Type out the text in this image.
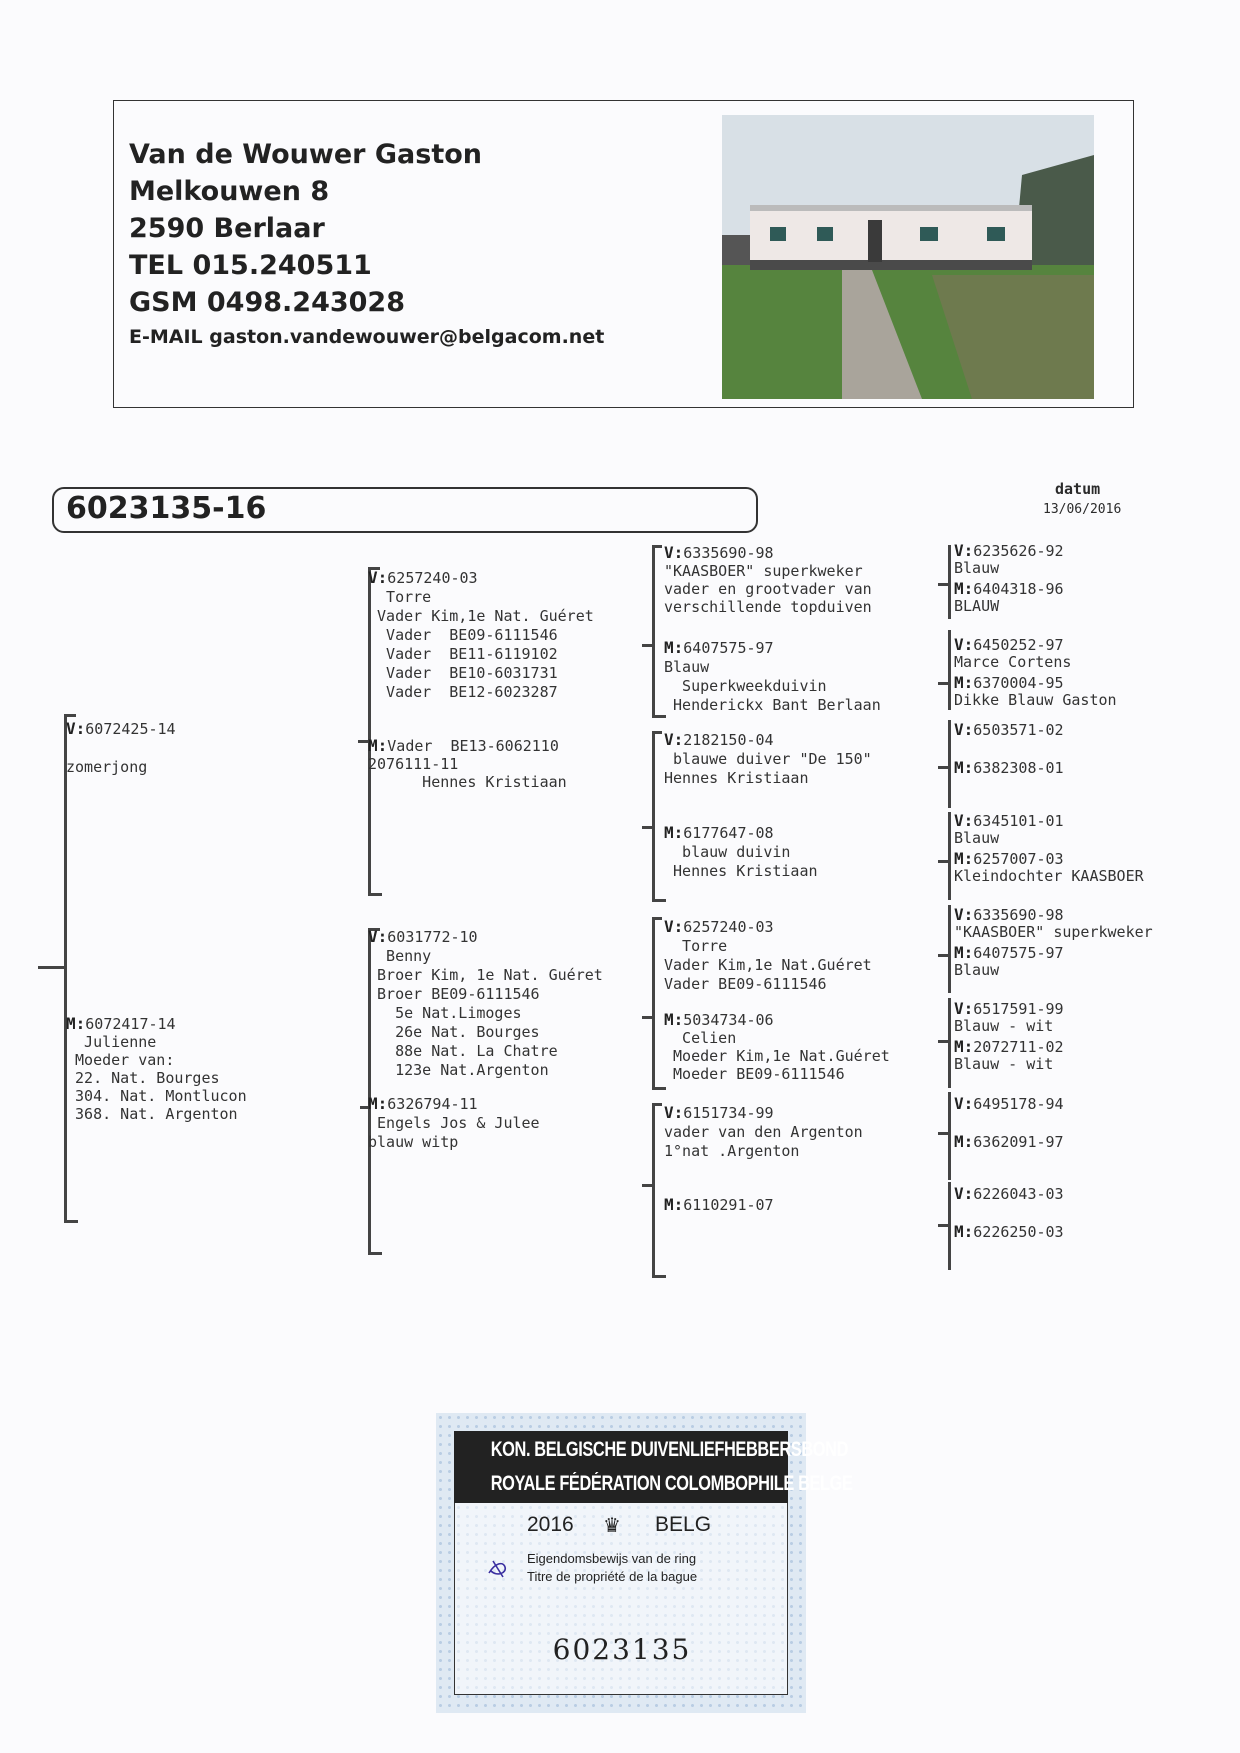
Van de Wouwer Gaston
Melkouwen 8
2590 Berlaar
TEL 015.240511
GSM 0498.243028
E-MAIL gaston.vandewouwer@belgacom.net
6023135-16
datum
13/06/2016
V:6072425-14
zomerjong
M:6072417-14
Julienne
Moeder van:
22. Nat. Bourges
304. Nat. Montlucon
368. Nat. Argenton
V:6257240-03
Torre
Vader Kim,1e Nat. Guéret
Vader  BE09-6111546
Vader  BE11-6119102
Vader  BE10-6031731
Vader  BE12-6023287
M:Vader  BE13-6062110
2076111-11
Hennes Kristiaan
V:6031772-10
Benny
Broer Kim, 1e Nat. Guéret
Broer BE09-6111546
5e Nat.Limoges
26e Nat. Bourges
88e Nat. La Chatre
123e Nat.Argenton
M:6326794-11
Engels Jos & Julee
blauw witp
V:6335690-98
"KAASBOER" superkweker
vader en grootvader van
verschillende topduiven
M:6407575-97
Blauw
Superkweekduivin
Henderickx Bant Berlaan
V:2182150-04
blauwe duiver "De 150"
Hennes Kristiaan
M:6177647-08
blauw duivin
Hennes Kristiaan
V:6257240-03
Torre
Vader Kim,1e Nat.Guéret
Vader BE09-6111546
M:5034734-06
Celien
Moeder Kim,1e Nat.Guéret
Moeder BE09-6111546
V:6151734-99
vader van den Argenton
1°nat .Argenton
M:6110291-07
V:6235626-92
Blauw
M:6404318-96
BLAUW
V:6450252-97
Marce Cortens
M:6370004-95
Dikke Blauw Gaston
V:6503571-02
M:6382308-01
V:6345101-01
Blauw
M:6257007-03
Kleindochter KAASBOER
V:6335690-98
"KAASBOER" superkweker
M:6407575-97
Blauw
V:6517591-99
Blauw - wit
M:2072711-02
Blauw - wit
V:6495178-94
M:6362091-97
V:6226043-03
M:6226250-03
KON. BELGISCHE DUIVENLIEFHEBBERSBOND
ROYALE FÉDÉRATION COLOMBOPHILE BELGE
2016 ♛ BELG
Eigendomsbewijs van de ring
Titre de propriété de la bague
6023135
